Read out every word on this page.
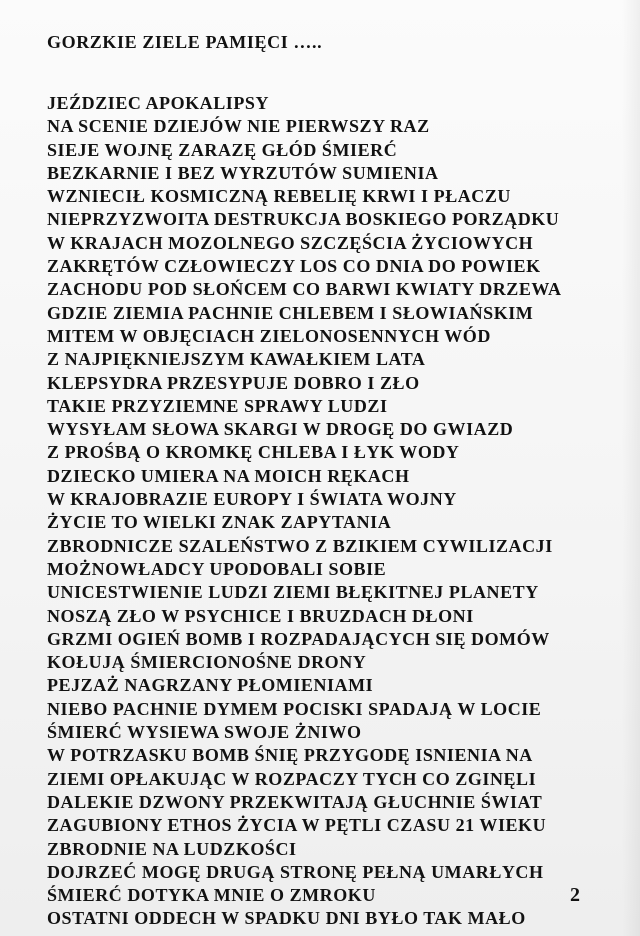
GORZKIE ZIELE PAMIĘCI …..
JEŹDZIEC APOKALIPSY
NA SCENIE DZIEJÓW NIE PIERWSZY RAZ
SIEJE WOJNĘ ZARAZĘ GŁÓD ŚMIERĆ
BEZKARNIE I BEZ WYRZUTÓW SUMIENIA
WZNIECIŁ KOSMICZNĄ REBELIĘ KRWI I PŁACZU
NIEPRZYZWOITA DESTRUKCJA BOSKIEGO PORZĄDKU
W KRAJACH MOZOLNEGO SZCZĘŚCIA ŻYCIOWYCH
ZAKRĘTÓW CZŁOWIECZY LOS CO DNIA DO POWIEK
ZACHODU POD SŁOŃCEM CO BARWI KWIATY DRZEWA
GDZIE ZIEMIA PACHNIE CHLEBEM I SŁOWIAŃSKIM
MITEM W OBJĘCIACH ZIELONOSENNYCH WÓD
Z NAJPIĘKNIEJSZYM KAWAŁKIEM LATA
KLEPSYDRA PRZESYPUJE DOBRO I ZŁO
TAKIE PRZYZIEMNE SPRAWY LUDZI
WYSYŁAM SŁOWA SKARGI W DROGĘ DO GWIAZD
Z PROŚBĄ O KROMKĘ CHLEBA I ŁYK WODY
DZIECKO UMIERA NA MOICH RĘKACH
W KRAJOBRAZIE EUROPY I ŚWIATA WOJNY
ŻYCIE TO WIELKI ZNAK ZAPYTANIA
ZBRODNICZE SZALEŃSTWO Z BZIKIEM CYWILIZACJI
MOŻNOWŁADCY UPODOBALI SOBIE
UNICESTWIENIE LUDZI ZIEMI BŁĘKITNEJ PLANETY
NOSZĄ ZŁO W PSYCHICE I BRUZDACH DŁONI
GRZMI OGIEŃ BOMB I ROZPADAJĄCYCH SIĘ DOMÓW
KOŁUJĄ ŚMIERCIONOŚNE DRONY
PEJZAŻ NAGRZANY PŁOMIENIAMI
NIEBO PACHNIE DYMEM POCISKI SPADAJĄ W LOCIE
ŚMIERĆ WYSIEWA SWOJE ŻNIWO
W POTRZASKU BOMB ŚNIĘ PRZYGODĘ ISNIENIA NA
ZIEMI OPŁAKUJĄC W ROZPACZY TYCH CO ZGINĘLI
DALEKIE DZWONY PRZEKWITAJĄ GŁUCHNIE ŚWIAT
ZAGUBIONY ETHOS ŻYCIA W PĘTLI CZASU 21 WIEKU
ZBRODNIE NA LUDZKOŚCI
DOJRZEĆ MOGĘ DRUGĄ STRONĘ PEŁNĄ UMARŁYCH
ŚMIERĆ DOTYKA MNIE O ZMROKU
OSTATNI ODDECH W SPADKU DNI BYŁO TAK MAŁO
2
